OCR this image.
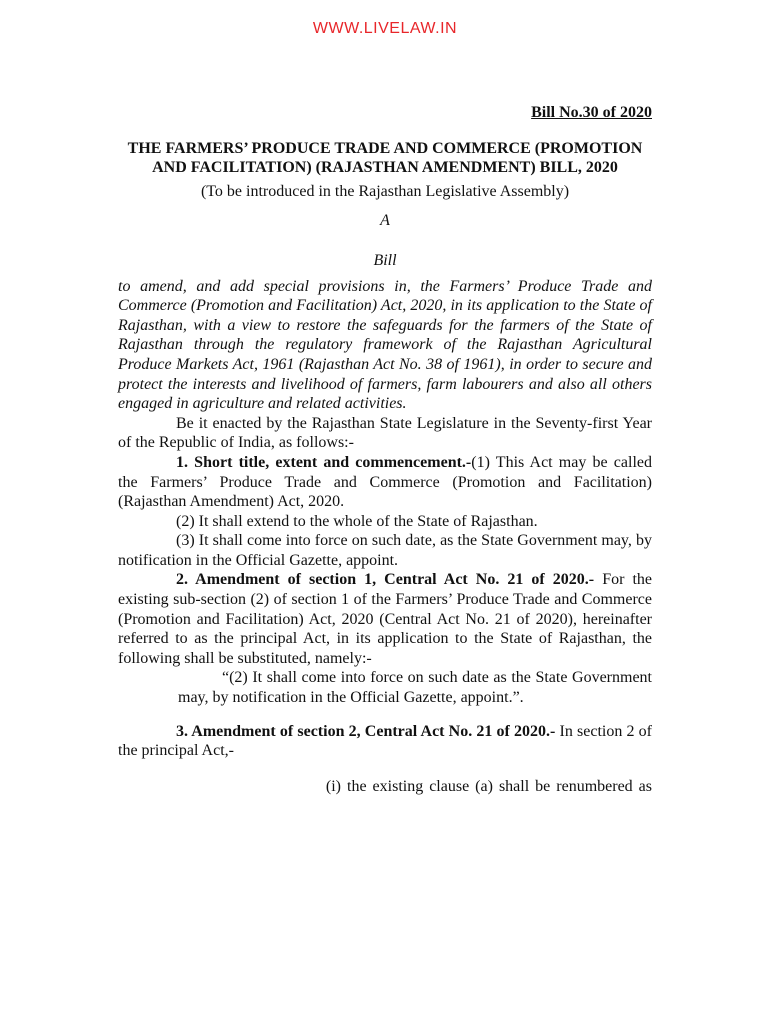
WWW.LIVELAW.IN
Bill No.30 of 2020
THE FARMERS’ PRODUCE TRADE AND COMMERCE (PROMOTION AND FACILITATION) (RAJASTHAN AMENDMENT) BILL, 2020
(To be introduced in the Rajasthan Legislative Assembly)
A
Bill

to amend, and add special provisions in, the Farmers’ Produce Trade and Commerce (Promotion and Facilitation) Act, 2020, in its application to the State of Rajasthan, with a view to restore the safeguards for the farmers of the State of Rajasthan through the regulatory framework of the Rajasthan Agricultural Produce Markets Act, 1961 (Rajasthan Act No. 38 of 1961), in order to secure and protect the interests and livelihood of farmers, farm labourers and also all others engaged in agriculture and related activities.

Be it enacted by the Rajasthan State Legislature in the Seventy-first Year of the Republic of India, as follows:-

1. Short title, extent and commencement.-(1) This Act may be called the Farmers’ Produce Trade and Commerce (Promotion and Facilitation) (Rajasthan Amendment) Act, 2020.

(2) It shall extend to the whole of the State of Rajasthan.

(3) It shall come into force on such date, as the State Government may, by notification in the Official Gazette, appoint.

2. Amendment of section 1, Central Act No. 21 of 2020.- For the existing sub-section (2) of section 1 of the Farmers’ Produce Trade and Commerce (Promotion and Facilitation) Act, 2020 (Central Act No. 21 of 2020), hereinafter referred to as the principal Act, in its application to the State of Rajasthan, the following shall be substituted, namely:-

“(2) It shall come into force on such date as the State Government may, by notification in the Official Gazette, appoint.”.

3. Amendment of section 2, Central Act No. 21 of 2020.- In section 2 of the principal Act,-

(i) the existing clause (a) shall be renumbered as
